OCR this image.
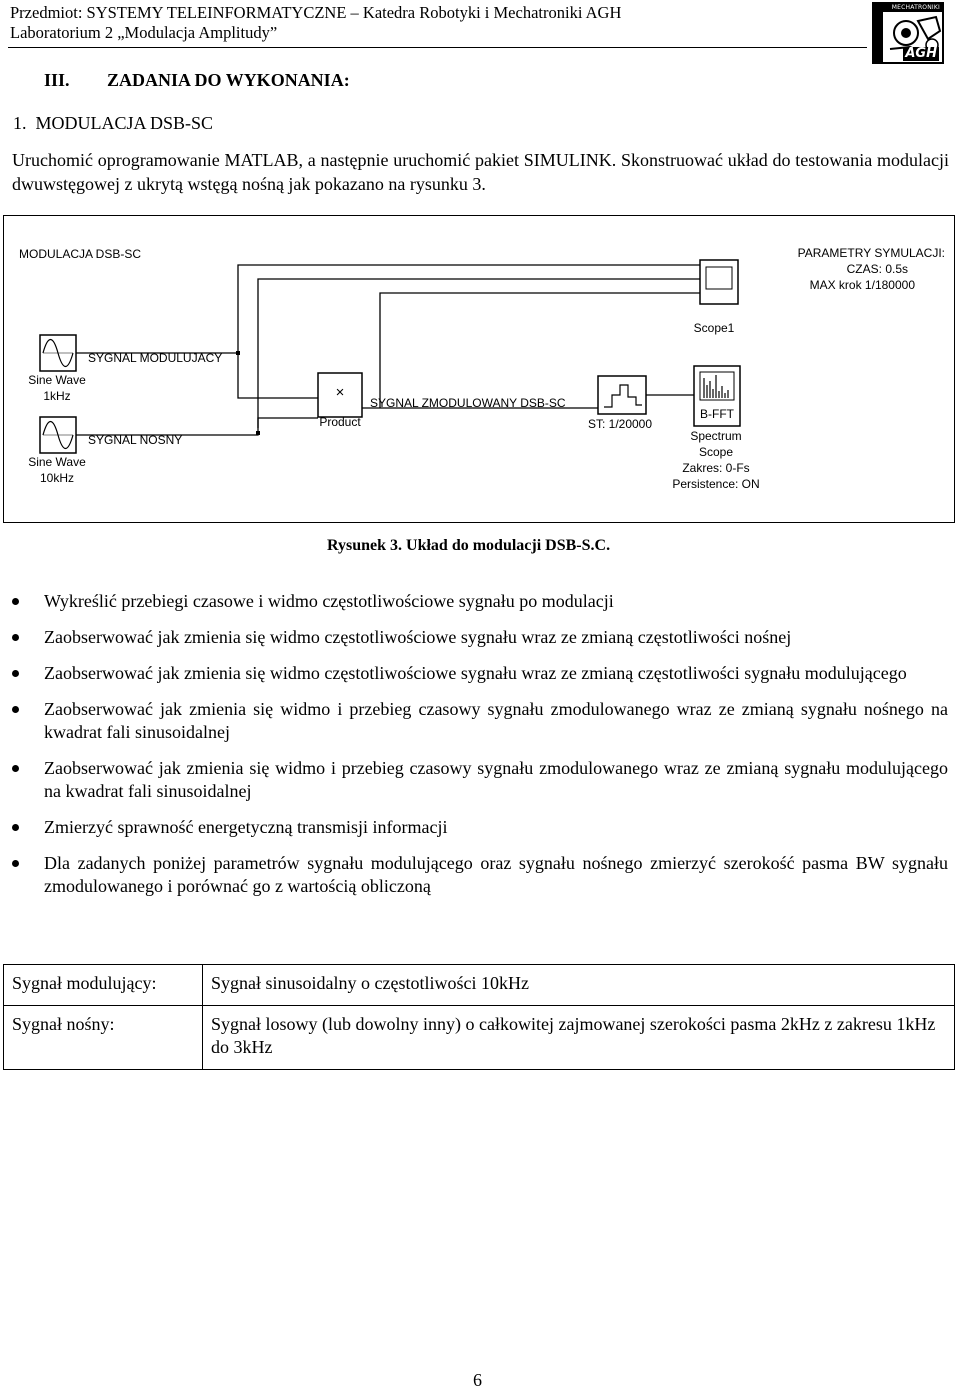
Przedmiot: SYSTEMY TELEINFORMATYCZNE – Katedra Robotyki i Mechatroniki AGH
Laboratorium 2 „Modulacja Amplitudy”
MECHATRONIKI
AGH
III. ZADANIA DO WYKONANIA:
1.  MODULACJA DSB-SC
Uruchomić oprogramowanie MATLAB, a następnie uruchomić pakiet SIMULINK. Skonstruować układ do testowania modulacji dwuwstęgowej z ukrytą wstęgą nośną jak pokazano na rysunku 3.
MODULACJA DSB-SC	PARAMETRY SYMULACJI:
CZAS: 0.5s
MAX krok 1/180000
Scope1
Sine Wave
1kHz
SYGNAL MODULUJACY
Sine Wave
10kHz
SYGNAL NOSNY
×
Product
SYGNAL ZMODULOWANY DSB-SC
ST: 1/20000
B-FFT
Spectrum
Scope
Zakres: 0-Fs
Persistence: ON
Rysunek 3. Układ do modulacji DSB-S.C.
Wykreślić przebiegi czasowe i widmo częstotliwościowe sygnału po modulacji
Zaobserwować jak zmienia się widmo częstotliwościowe sygnału wraz ze zmianą częstotliwości nośnej
Zaobserwować jak zmienia się widmo częstotliwościowe sygnału wraz ze zmianą częstotliwości sygnału modulującego
Zaobserwować jak zmienia się widmo i przebieg czasowy sygnału zmodulowanego wraz ze zmianą sygnału nośnego na kwadrat fali sinusoidalnej
Zaobserwować jak zmienia się widmo i przebieg czasowy sygnału zmodulowanego wraz ze zmianą sygnału modulującego na kwadrat fali sinusoidalnej
Zmierzyć sprawność energetyczną transmisji informacji
Dla zadanych poniżej parametrów sygnału modulującego oraz sygnału nośnego zmierzyć szerokość pasma BW sygnału zmodulowanego i porównać go z wartością obliczoną
Sygnał modulujący:	Sygnał sinusoidalny o częstotliwości 10kHz
Sygnał nośny:	Sygnał losowy (lub dowolny inny) o całkowitej zajmowanej szerokości pasma 2kHz z zakresu 1kHz do 3kHz
6
